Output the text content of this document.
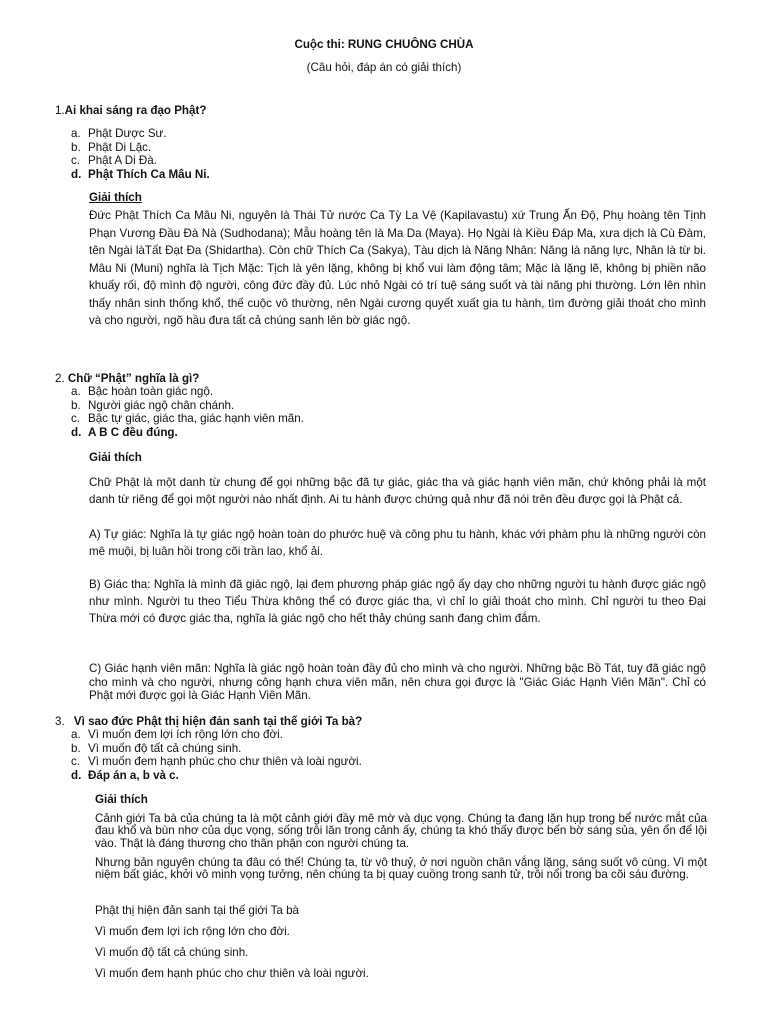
Cuộc thi: RUNG CHUÔNG CHÙA
(Câu hỏi, đáp án có giải thích)
1.Ai khai sáng ra đạo Phật?
a. Phật Dược Sư.
b. Phật Di Lặc.
c. Phật A Di Đà.
d. Phật Thích Ca Mâu Ni.
Giải thích
Đức Phật Thích Ca Mâu Ni, nguyên là Thái Tử nước Ca Tỳ La Vệ (Kapilavastu) xứ Trung Ấn Độ, Phụ hoàng tên Tịnh Phạn Vương Đầu Đà Nà (Sudhodana); Mẫu hoàng tên là Ma Da (Maya). Họ Ngài là Kiều Đáp Ma, xưa dịch là Cù Đàm, tên Ngài làTất Đạt Đa (Shidartha). Còn chữ Thích Ca (Sakya), Tàu dịch là Năng Nhân: Năng là năng lực, Nhân là từ bi. Mâu Ni (Muni) nghĩa là Tịch Mặc: Tịch là yên lặng, không bị khổ vui làm động tâm; Mặc là lặng lẽ, không bị phiền não khuấy rối, độ mình độ người, công đức đầy đủ. Lúc nhỏ Ngài có trí tuệ sáng suốt và tài năng phi thường. Lớn lên nhìn thấy nhân sinh thống khổ, thế cuộc vô thường, nên Ngài cương quyết xuất gia tu hành, tìm đường giải thoát cho mình và cho người, ngõ hầu đưa tất cả chúng sanh lên bờ giác ngộ.
2. Chữ “Phật” nghĩa là gì?
a. Bậc hoàn toàn giác ngộ.
b. Người giác ngộ chân chánh.
c. Bậc tự giác, giác tha, giác hạnh viên mãn.
d. A B C đều đúng.
Giải thích
Chữ Phật là một danh từ chung để gọi những bậc đã tự giác, giác tha và giác hạnh viên mãn, chứ không phải là một danh từ riêng để gọi một người nào nhất định. Ai tu hành được chứng quả như đã nói trên đều được gọi là Phật cả.
A) Tự giác: Nghĩa là tự giác ngộ hoàn toàn do phước huệ và công phu tu hành, khác với phàm phu là những người còn mê muội, bị luân hồi trong cõi trần lao, khổ ải.
B) Giác tha: Nghĩa là mình đã giác ngộ, lại đem phương pháp giác ngộ ấy dạy cho những người tu hành được giác ngộ như mình. Người tu theo Tiểu Thừa không thể có được giác tha, vì chỉ lo giải thoát cho mình. Chỉ người tu theo Đại Thừa mới có được giác tha, nghĩa là giác ngộ cho hết thảy chúng sanh đang chìm đắm.
C) Giác hạnh viên mãn: Nghĩa là giác ngộ hoàn toàn đầy đủ cho mình và cho người. Những bậc Bồ Tát, tuy đã giác ngộ cho mình và cho người, nhưng công hạnh chưa viên mãn, nên chưa gọi được là "Giác Giác Hạnh Viên Mãn". Chỉ có Phật mới được gọi là Giác Hạnh Viên Mãn.
3. Vì sao đức Phật thị hiện đản sanh tại thế giới Ta bà?
a. Vì muốn đem lợi ích rộng lớn cho đời.
b. Vì muốn độ tất cả chúng sinh.
c. Vì muốn đem hạnh phúc cho chư thiên và loài người.
d. Đáp án a, b và c.
Giải thích
Cảnh giới Ta bà của chúng ta là một cảnh giới đầy mê mờ và dục vọng. Chúng ta đang lặn hụp trong bể nước mắt của đau khổ và bùn nhơ của dục vọng, sống trôi lăn trong cảnh ấy, chúng ta khó thấy được bến bờ sáng sủa, yên ổn để lội vào. Thật là đáng thương cho thân phận con người chúng ta.
Nhưng bản nguyên chúng ta đâu có thế! Chúng ta, từ vô thuỷ, ở nơi nguồn chân vắng lặng, sáng suốt vô cùng. Vì một niệm bất giác, khởi vô minh vọng tưởng, nên chúng ta bị quay cuồng trong sanh tử, trôi nổi trong ba cõi sáu đường.
Phật thị hiện đản sanh tại thế giới Ta bà
Vì muốn đem lợi ích rộng lớn cho đời.
Vì muốn độ tất cả chúng sinh.
Vì muốn đem hạnh phúc cho chư thiên và loài người.
